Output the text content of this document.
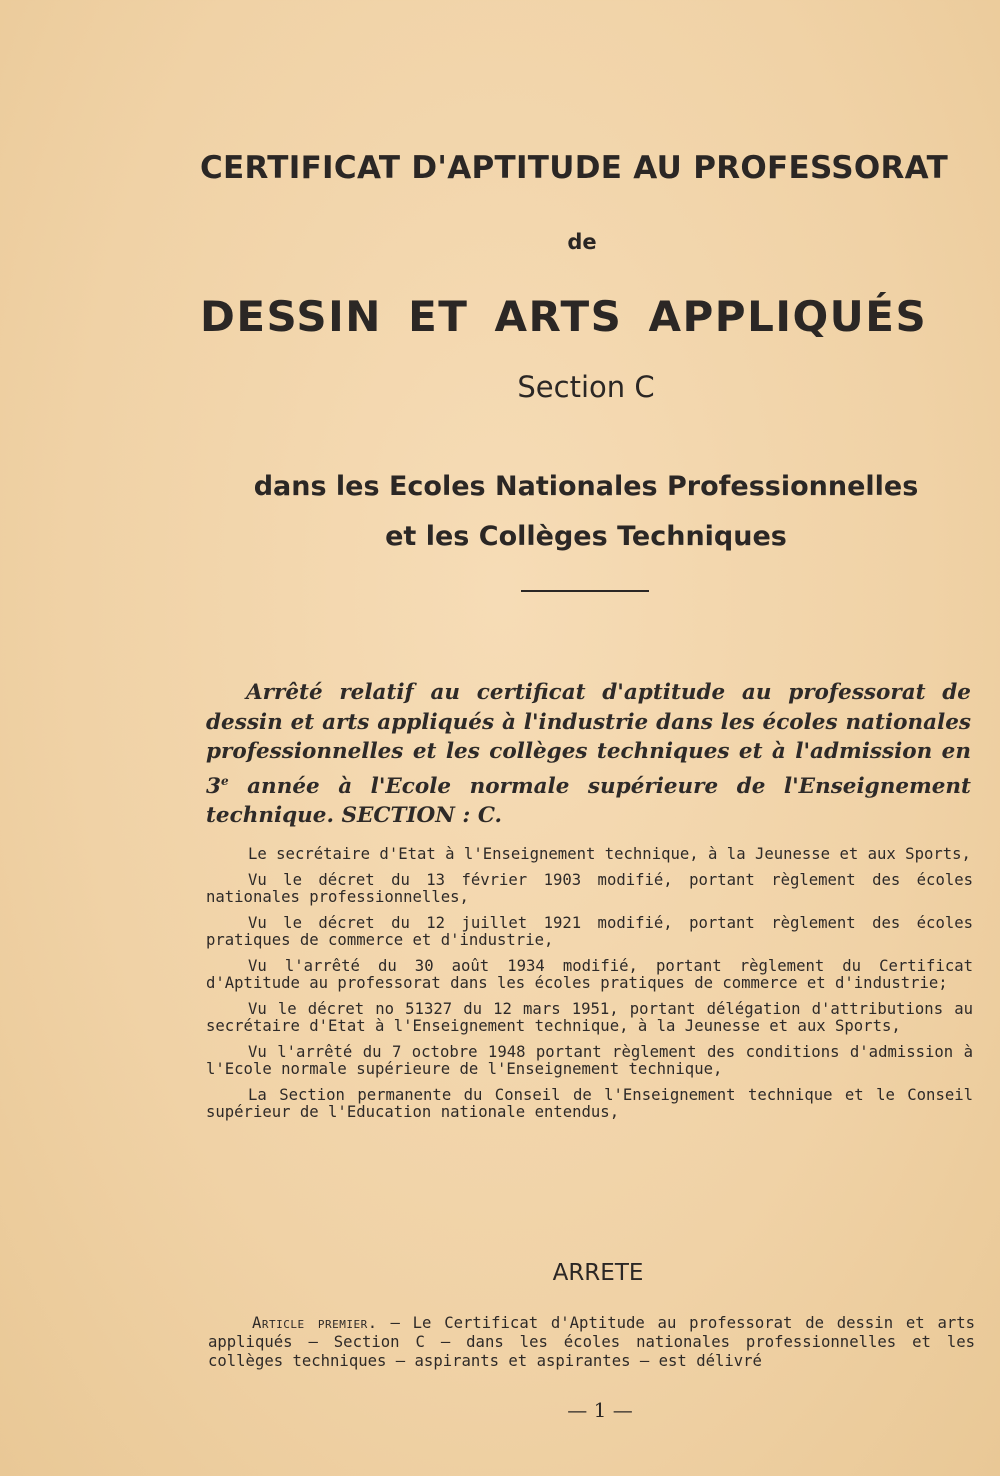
CERTIFICAT D'APTITUDE AU PROFESSORAT
de
DESSIN ET ARTS APPLIQUÉS
Section C
dans les Ecoles Nationales Professionnelles
et les Collèges Techniques
Arrêté relatif au certificat d'aptitude au professorat de dessin et arts appliqués à l'industrie dans les écoles nationales professionnelles et les collèges techniques et à l'admission en 3e année à l'Ecole normale supérieure de l'Enseignement technique. SECTION : C.

Le secrétaire d'Etat à l'Enseignement technique, à la Jeunesse et aux Sports,

Vu le décret du 13 février 1903 modifié, portant règlement des écoles nationales professionnelles,

Vu le décret du 12 juillet 1921 modifié, portant règlement des écoles pratiques de commerce et d'industrie,

Vu l'arrêté du 30 août 1934 modifié, portant règlement du Certificat d'Aptitude au professorat dans les écoles pratiques de commerce et d'industrie;

Vu le décret no 51327 du 12 mars 1951, portant délégation d'attributions au secrétaire d'Etat à l'Enseignement technique, à la Jeunesse et aux Sports,

Vu l'arrêté du 7 octobre 1948 portant règlement des conditions d'admission à l'Ecole normale supérieure de l'Enseignement technique,

La Section permanente du Conseil de l'Enseignement technique et le Conseil supérieur de l'Education nationale entendus,

ARRETE
Article premier. — Le Certificat d'Aptitude au professorat de dessin et arts appliqués — Section C — dans les écoles nationales professionnelles et les collèges techniques — aspirants et aspirantes — est délivré
— 1 —
